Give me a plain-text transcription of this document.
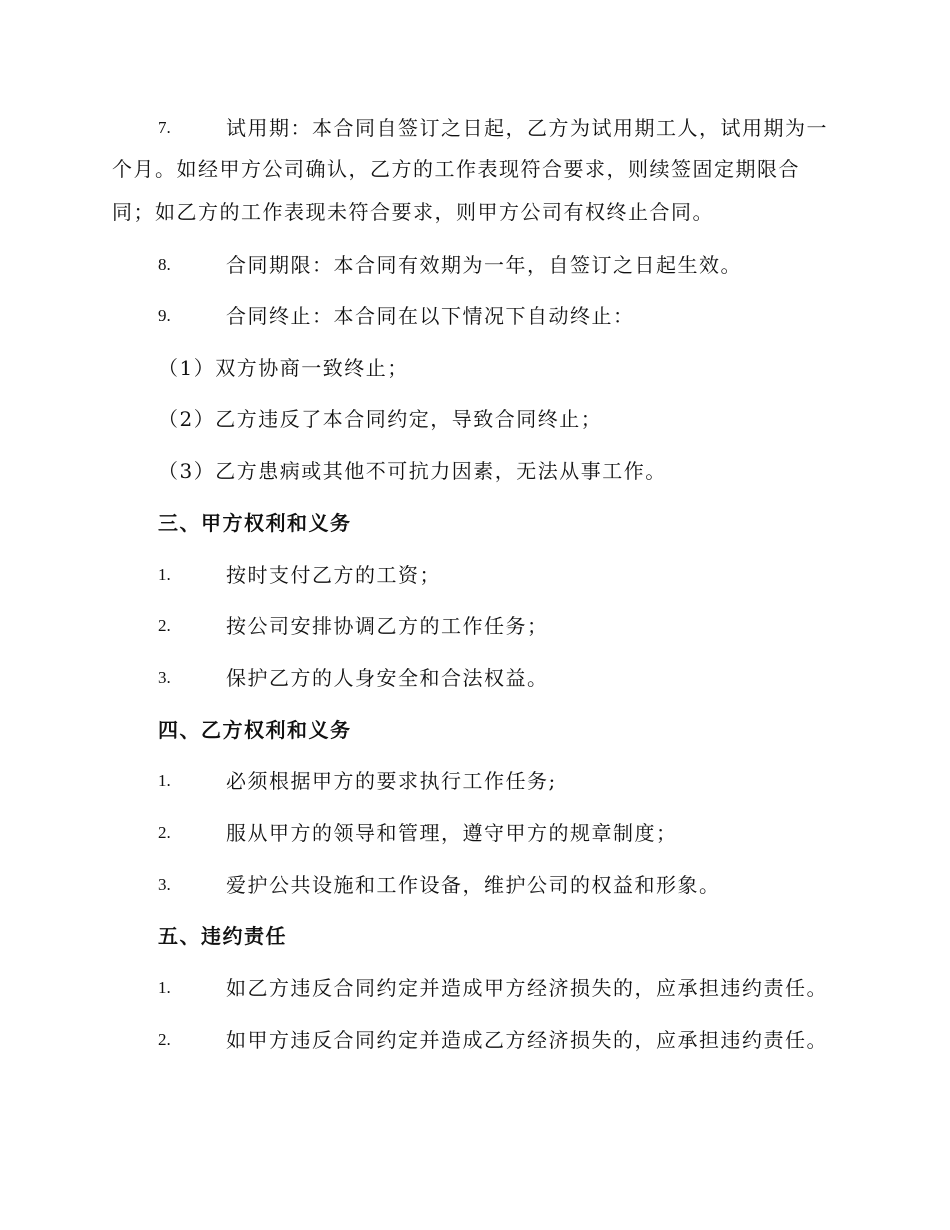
7.	试用期：本合同自签订之日起，乙方为试用期工人，试用期为一
个月。如经甲方公司确认，乙方的工作表现符合要求，则续签固定期限合
同；如乙方的工作表现未符合要求，则甲方公司有权终止合同。
8.	合同期限：本合同有效期为一年，自签订之日起生效。
9.	合同终止：本合同在以下情况下自动终止：
（1）双方协商一致终止；
（2）乙方违反了本合同约定，导致合同终止；
（3）乙方患病或其他不可抗力因素，无法从事工作。
三、甲方权利和义务
1.	按时支付乙方的工资；
2.	按公司安排协调乙方的工作任务；
3.	保护乙方的人身安全和合法权益。
四、乙方权利和义务
1.	必须根据甲方的要求执行工作任务;
2.	服从甲方的领导和管理，遵守甲方的规章制度；
3.	爱护公共设施和工作设备，维护公司的权益和形象。
五、违约责任
1.	如乙方违反合同约定并造成甲方经济损失的，应承担违约责任。
2.	如甲方违反合同约定并造成乙方经济损失的，应承担违约责任。
